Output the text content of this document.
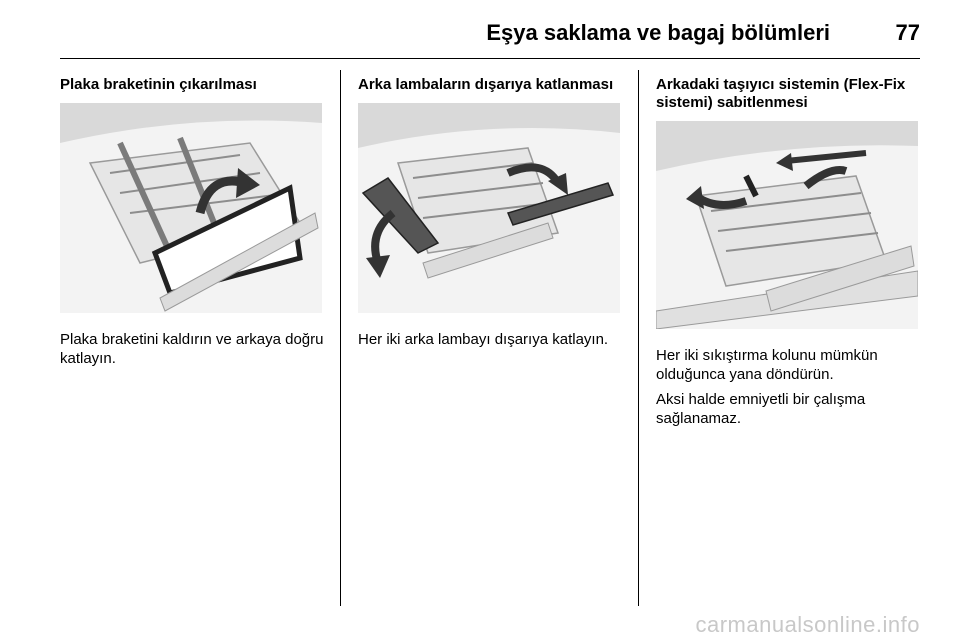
Eşya saklama ve bagaj bölümleri	77
Plaka braketinin çıkarılması

Plaka braketini kaldırın ve arkaya doğru katlayın.

Arka lambaların dışarıya katlanması

Her iki arka lambayı dışarıya katlayın.

Arkadaki taşıyıcı sistemin (Flex-Fix sistemi) sabitlenmesi

Her iki sıkıştırma kolunu mümkün olduğunca yana döndürün.

Aksi halde emniyetli bir çalışma sağlanamaz.

carmanualsonline.info
